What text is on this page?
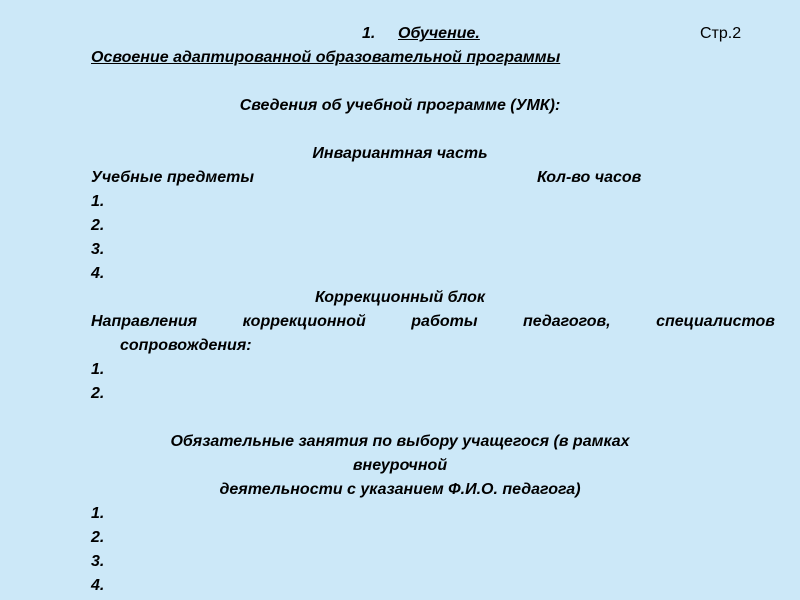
1. Обучение.	Стр.2
Освоение адаптированной образовательной программы
Сведения об учебной программе (УМК):
Инвариантная часть
Учебные предметы	Кол-во часов
1.
2.
3.
4.
Коррекционный блок
Направления	коррекционной	работы	педагогов,	специалистов
сопровождения:
1.
2.
Обязательные занятия по выбору учащегося (в рамках
внеурочной
деятельности с указанием Ф.И.О. педагога)
1.
2.
3.
4.
